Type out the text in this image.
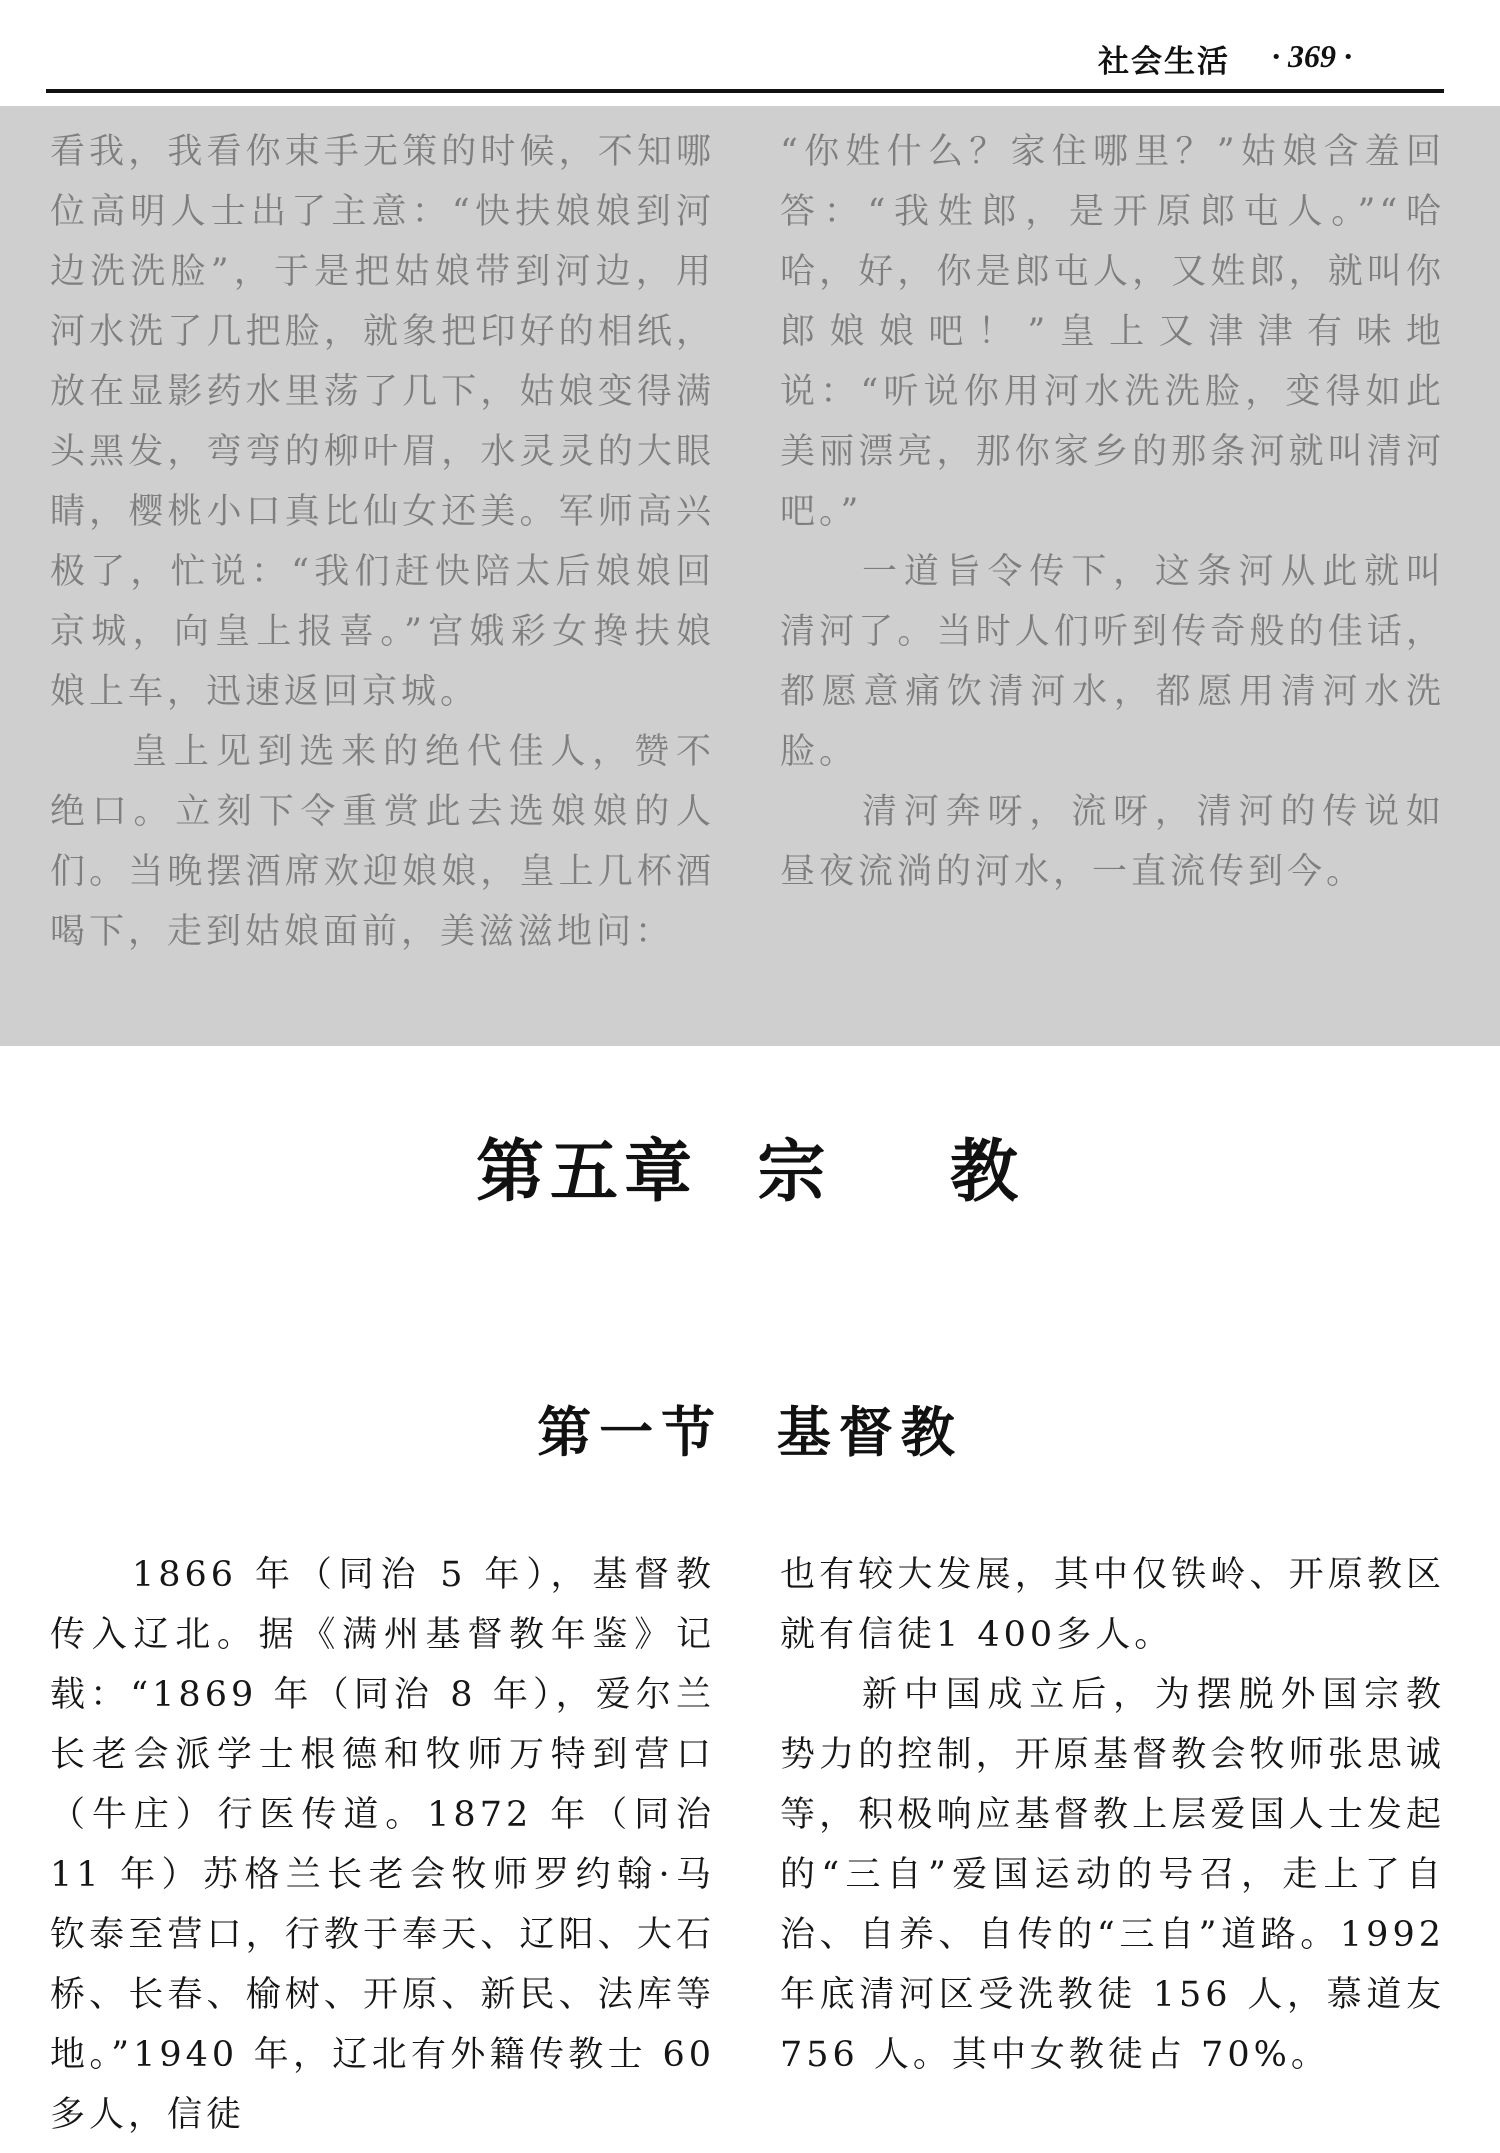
社会生活 · 369 ·

看我，我看你束手无策的时候，不知哪位高明人士出了主意：“快扶娘娘到河边洗洗脸”，于是把姑娘带到河边，用河水洗了几把脸，就象把印好的相纸，放在显影药水里荡了几下，姑娘变得满头黑发，弯弯的柳叶眉，水灵灵的大眼睛，樱桃小口真比仙女还美。军师高兴极了，忙说：“我们赶快陪太后娘娘回京城，向皇上报喜。”宫娥彩女搀扶娘娘上车，迅速返回京城。

皇上见到选来的绝代佳人，赞不绝口。立刻下令重赏此去选娘娘的人们。当晚摆酒席欢迎娘娘，皇上几杯酒喝下，走到姑娘面前，美滋滋地问：

“你姓什么？家住哪里？”姑娘含羞回答：“我姓郎，是开原郎屯人。”“哈哈，好，你是郎屯人，又姓郎，就叫你郎娘娘吧！”皇上又津津有味地说：“听说你用河水洗洗脸，变得如此美丽漂亮，那你家乡的那条河就叫清河吧。”

一道旨令传下，这条河从此就叫清河了。当时人们听到传奇般的佳话，都愿意痛饮清河水，都愿用清河水洗脸。

清河奔呀，流呀，清河的传说如昼夜流淌的河水，一直流传到今。

第五章  宗    教
第一节  基督教

1866 年（同治 5 年），基督教传入辽北。据《满州基督教年鉴》记载：“1869 年（同治 8 年），爱尔兰长老会派学士根德和牧师万特到营口（牛庄）行医传道。1872 年（同治 11 年）苏格兰长老会牧师罗约翰·马钦泰至营口，行教于奉天、辽阳、大石桥、长春、榆树、开原、新民、法库等地。”1940 年，辽北有外籍传教士 60 多人，信徒

也有较大发展，其中仅铁岭、开原教区就有信徒1 400多人。

新中国成立后，为摆脱外国宗教势力的控制，开原基督教会牧师张思诚等，积极响应基督教上层爱国人士发起的“三自”爱国运动的号召，走上了自治、自养、自传的“三自”道路。1992 年底清河区受洗教徒 156 人，慕道友 756 人。其中女教徒占 70%。
